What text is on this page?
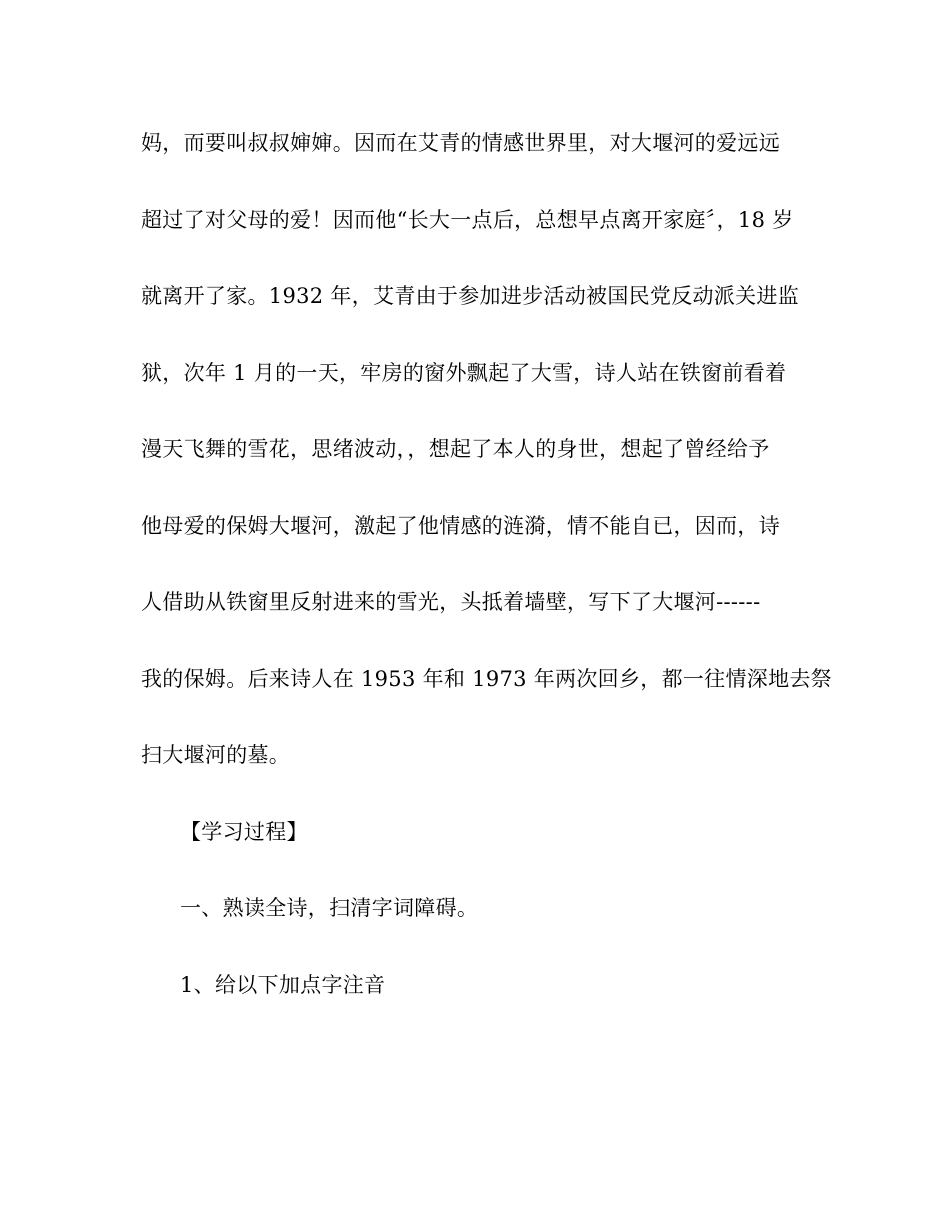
妈，而要叫叔叔婶婶。因而在艾青的情感世界里，对大堰河的爱远远
超过了对父母的爱！因而他“长大一点后，总想早点离开家庭〞，18 岁
就离开了家。1932 年，艾青由于参加进步活动被国民党反动派关进监
狱，次年 1 月的一天，牢房的窗外飘起了大雪，诗人站在铁窗前看着
漫天飞舞的雪花，思绪波动，，想起了本人的身世，想起了曾经给予
他母爱的保姆大堰河，激起了他情感的涟漪，情不能自已，因而，诗
人借助从铁窗里反射进来的雪光，头抵着墙壁，写下了大堰河------
我的保姆。后来诗人在 1953 年和 1973 年两次回乡，都一往情深地去祭
扫大堰河的墓。
【学习过程】
一、熟读全诗，扫清字词障碍。
1、给以下加点字注音
